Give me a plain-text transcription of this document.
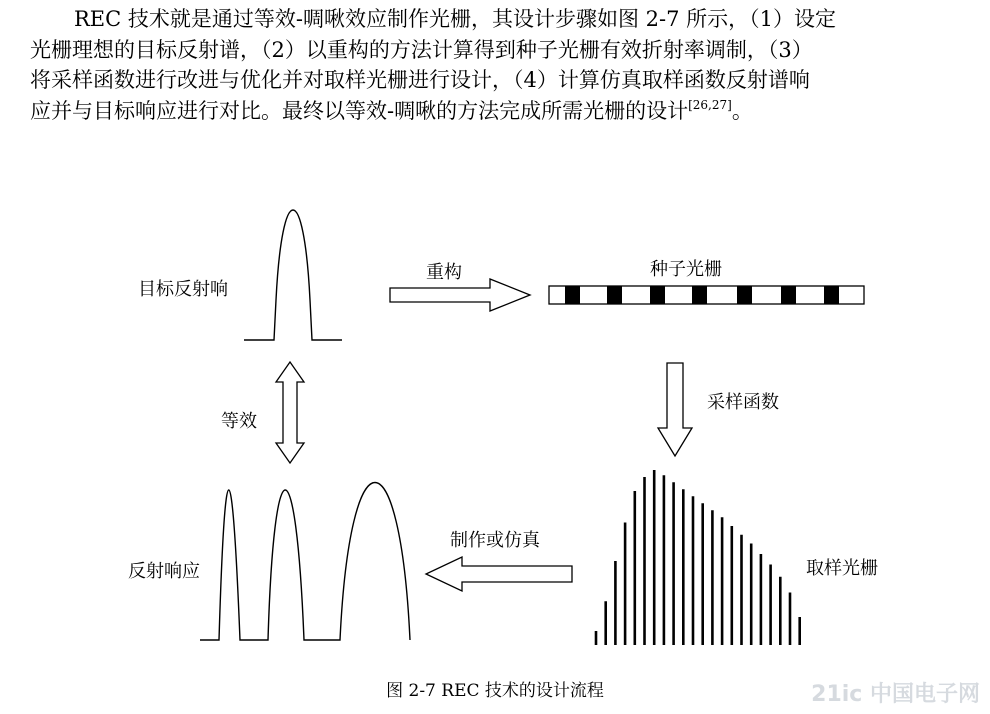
REC 技术就是通过等效-啁啾效应制作光栅，其设计步骤如图 2-7 所示，（1）设定
光栅理想的目标反射谱，（2）以重构的方法计算得到种子光栅有效折射率调制，（3）
将采样函数进行改进与优化并对取样光栅进行设计，（4）计算仿真取样函数反射谱响
应并与目标响应进行对比。最终以等效-啁啾的方法完成所需光栅的设计[26,27]。
目标反射响
重构	种子光栅
采样函数
等效
取样光栅
制作或仿真
反射响应
图 2-7 REC 技术的设计流程	21ic 中国电子网
